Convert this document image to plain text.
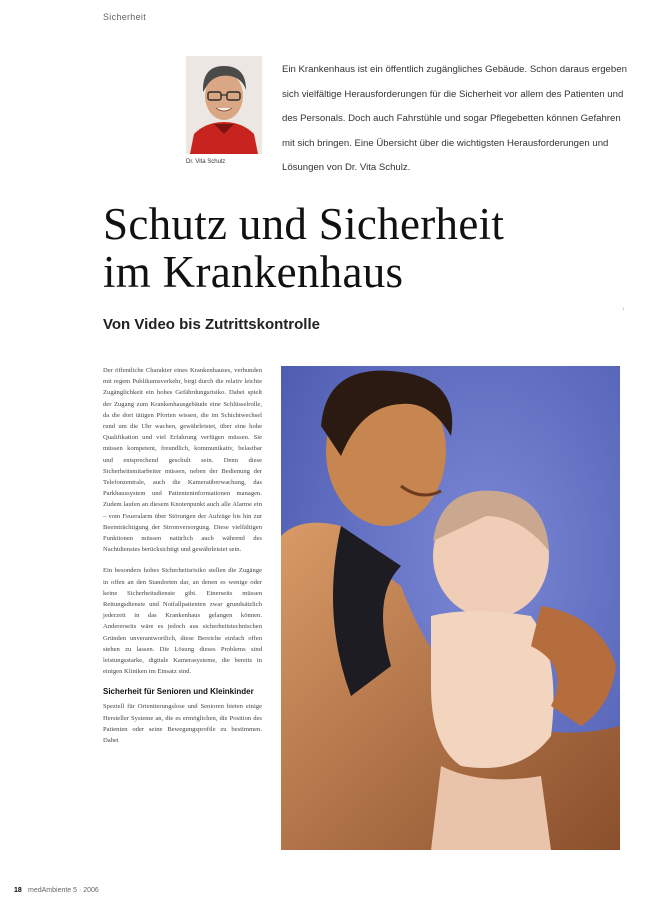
Sicherheit
Dr. Vita Schulz
Ein Krankenhaus ist ein öffentlich zugängliches Gebäude. Schon daraus ergeben sich vielfältige Herausforderungen für die Sicherheit vor allem des Patienten und des Personals. Doch auch Fahrstühle und sogar Pflegebetten können Gefahren mit sich bringen. Eine Übersicht über die wichtigsten Herausforderungen und Lösungen von Dr. Vita Schulz.
Schutz und Sicherheit
im Krankenhaus
Von Video bis Zutrittskontrolle

Der öffentliche Charakter eines Krankenhauses, verbunden mit regem Publikumsverkehr, birgt durch die relativ leichte Zugänglichkeit ein hohes Gefährdungsrisiko. Dabei spielt der Zugang zum Krankenhausgebäude eine Schlüsselrolle, da die dort tätigen Pforten wissen, die im Schichtwechsel rund um die Uhr wachen, gewährleistet, über eine hohe Qualifikation und viel Erfahrung verfügen müssen. Sie müssen kompetent, freundlich, kommunikativ, belastbar und entsprechend geschult sein. Denn diese Sicherheitsmitarbeiter müssen, neben der Bedienung der Telefonzentrale, auch die Kameraüberwachung, das Parkhaussystem und Patienteninformationen managen. Zudem laufen an diesem Knotenpunkt auch alle Alarme ein – vom Feueralarm über Störungen der Aufzüge bis hin zur Beeinträchtigung der Stromversorgung. Diese vielfältigen Funktionen müssen natürlich auch während des Nachtdienstes berücksichtigt und gewährleistet sein.

Ein besonders hohes Sicherheitsrisiko stellen die Zugänge in offen an den Standorten dar, an denen es wenige oder keine Sicherheitsdienste gibt. Einerseits müssen Rettungsdienste und Notfallpatienten zwar grundsätzlich jederzeit in das Krankenhaus gelangen können. Andererseits wäre es jedoch aus sicherheitstechnischen Gründen unverantwortlich, diese Bereiche einfach offen stehen zu lassen. Die Lösung dieses Problems sind leistungsstarke, digitale Kamerasysteme, die bereits in einigen Kliniken im Einsatz sind.

Sicherheit für Senioren und Kleinkinder

Speziell für Orientierungslose und Senioren bieten einige Hersteller Systeme an, die es ermöglichen, die Position des Patienten oder seine Bewegungsprofile zu bestimmen. Dabei

›
18 medAmbiente 5 · 2006
